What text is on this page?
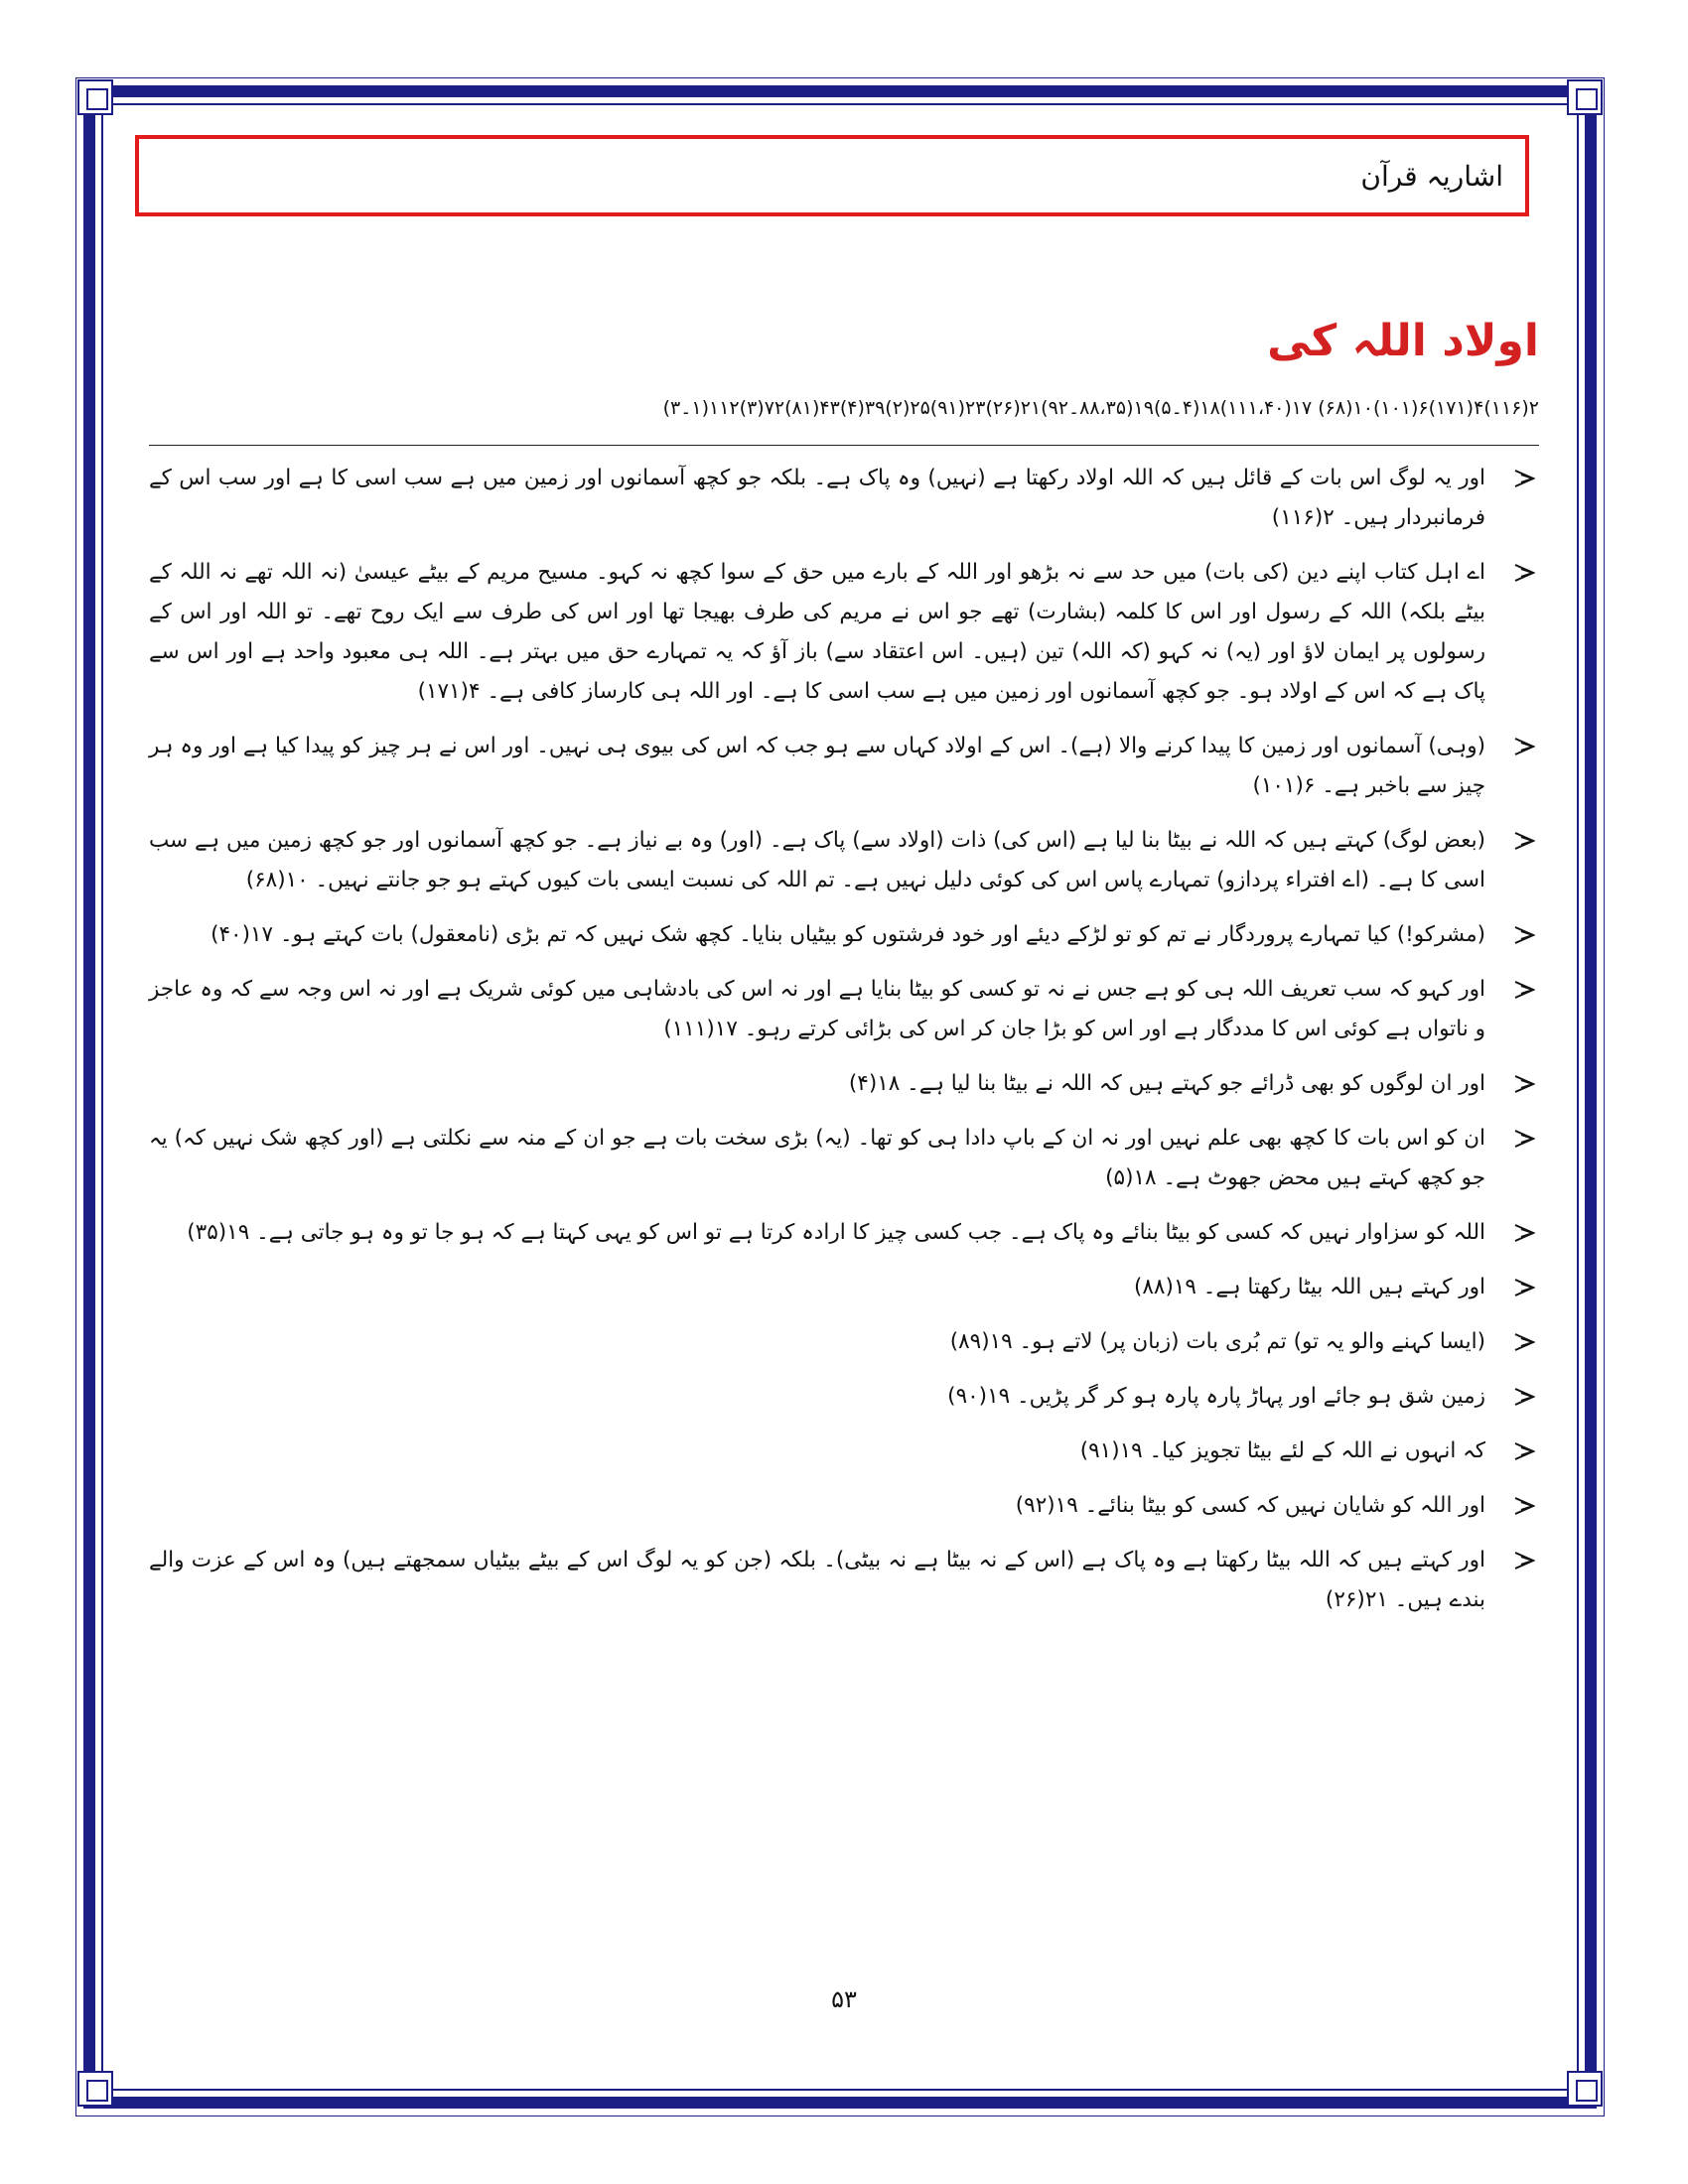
اشاریہ قرآن
اولاد اللہ کی
۲(۱۱۶)۴(۱۷۱)۶(۱۰۱)۱۰(۶۸) ۱۷(۱۱۱،۴۰)۱۸(۴۔۵)۱۹(۸۸،۳۵۔۹۲)۲۱(۲۶)۲۳(۹۱)۲۵(۲)۳۹(۴)۴۳(۸۱)۷۲(۳)۱۱۲(۱۔۳)
اور یہ لوگ اس بات کے قائل ہیں کہ اللہ اولاد رکھتا ہے (نہیں) وہ پاک ہے۔ بلکہ جو کچھ آسمانوں اور زمین میں ہے سب اسی کا ہے اور سب اس کے فرمانبردار ہیں۔ ۲(۱۱۶)
اے اہل کتاب اپنے دین (کی بات) میں حد سے نہ بڑھو اور اللہ کے بارے میں حق کے سوا کچھ نہ کہو۔ مسیح مریم کے بیٹے عیسیٰ (نہ اللہ تھے نہ اللہ کے بیٹے بلکہ) اللہ کے رسول اور اس کا کلمہ (بشارت) تھے جو اس نے مریم کی طرف بھیجا تھا اور اس کی طرف سے ایک روح تھے۔ تو اللہ اور اس کے رسولوں پر ایمان لاؤ اور (یہ) نہ کہو (کہ اللہ) تین (ہیں۔ اس اعتقاد سے) باز آؤ کہ یہ تمہارے حق میں بہتر ہے۔ اللہ ہی معبود واحد ہے اور اس سے پاک ہے کہ اس کے اولاد ہو۔ جو کچھ آسمانوں اور زمین میں ہے سب اسی کا ہے۔ اور اللہ ہی کارساز کافی ہے۔ ۴(۱۷۱)
(وہی) آسمانوں اور زمین کا پیدا کرنے والا (ہے)۔ اس کے اولاد کہاں سے ہو جب کہ اس کی بیوی ہی نہیں۔ اور اس نے ہر چیز کو پیدا کیا ہے اور وہ ہر چیز سے باخبر ہے۔ ۶(۱۰۱)
(بعض لوگ) کہتے ہیں کہ اللہ نے بیٹا بنا لیا ہے (اس کی) ذات (اولاد سے) پاک ہے۔ (اور) وہ بے نیاز ہے۔ جو کچھ آسمانوں اور جو کچھ زمین میں ہے سب اسی کا ہے۔ (اے افتراء پردازو) تمہارے پاس اس کی کوئی دلیل نہیں ہے۔ تم اللہ کی نسبت ایسی بات کیوں کہتے ہو جو جانتے نہیں۔ ۱۰(۶۸)
(مشرکو!) کیا تمہارے پروردگار نے تم کو تو لڑکے دیئے اور خود فرشتوں کو بیٹیاں بنایا۔ کچھ شک نہیں کہ تم بڑی (نامعقول) بات کہتے ہو۔ ۱۷(۴۰)
اور کہو کہ سب تعریف اللہ ہی کو ہے جس نے نہ تو کسی کو بیٹا بنایا ہے اور نہ اس کی بادشاہی میں کوئی شریک ہے اور نہ اس وجہ سے کہ وہ عاجز و ناتواں ہے کوئی اس کا مددگار ہے اور اس کو بڑا جان کر اس کی بڑائی کرتے رہو۔ ۱۷(۱۱۱)
اور ان لوگوں کو بھی ڈرائے جو کہتے ہیں کہ اللہ نے بیٹا بنا لیا ہے۔ ۱۸(۴)
ان کو اس بات کا کچھ بھی علم نہیں اور نہ ان کے باپ دادا ہی کو تھا۔ (یہ) بڑی سخت بات ہے جو ان کے منہ سے نکلتی ہے (اور کچھ شک نہیں کہ) یہ جو کچھ کہتے ہیں محض جھوٹ ہے۔ ۱۸(۵)
اللہ کو سزاوار نہیں کہ کسی کو بیٹا بنائے وہ پاک ہے۔ جب کسی چیز کا ارادہ کرتا ہے تو اس کو یہی کہتا ہے کہ ہو جا تو وہ ہو جاتی ہے۔ ۱۹(۳۵)
اور کہتے ہیں اللہ بیٹا رکھتا ہے۔ ۱۹(۸۸)
(ایسا کہنے والو یہ تو) تم بُری بات (زبان پر) لاتے ہو۔ ۱۹(۸۹)
زمین شق ہو جائے اور پہاڑ پارہ پارہ ہو کر گر پڑیں۔ ۱۹(۹۰)
کہ انہوں نے اللہ کے لئے بیٹا تجویز کیا۔ ۱۹(۹۱)
اور اللہ کو شایان نہیں کہ کسی کو بیٹا بنائے۔ ۱۹(۹۲)
اور کہتے ہیں کہ اللہ بیٹا رکھتا ہے وہ پاک ہے (اس کے نہ بیٹا ہے نہ بیٹی)۔ بلکہ (جن کو یہ لوگ اس کے بیٹے بیٹیاں سمجھتے ہیں) وہ اس کے عزت والے بندے ہیں۔ ۲۱(۲۶)
۵۳
